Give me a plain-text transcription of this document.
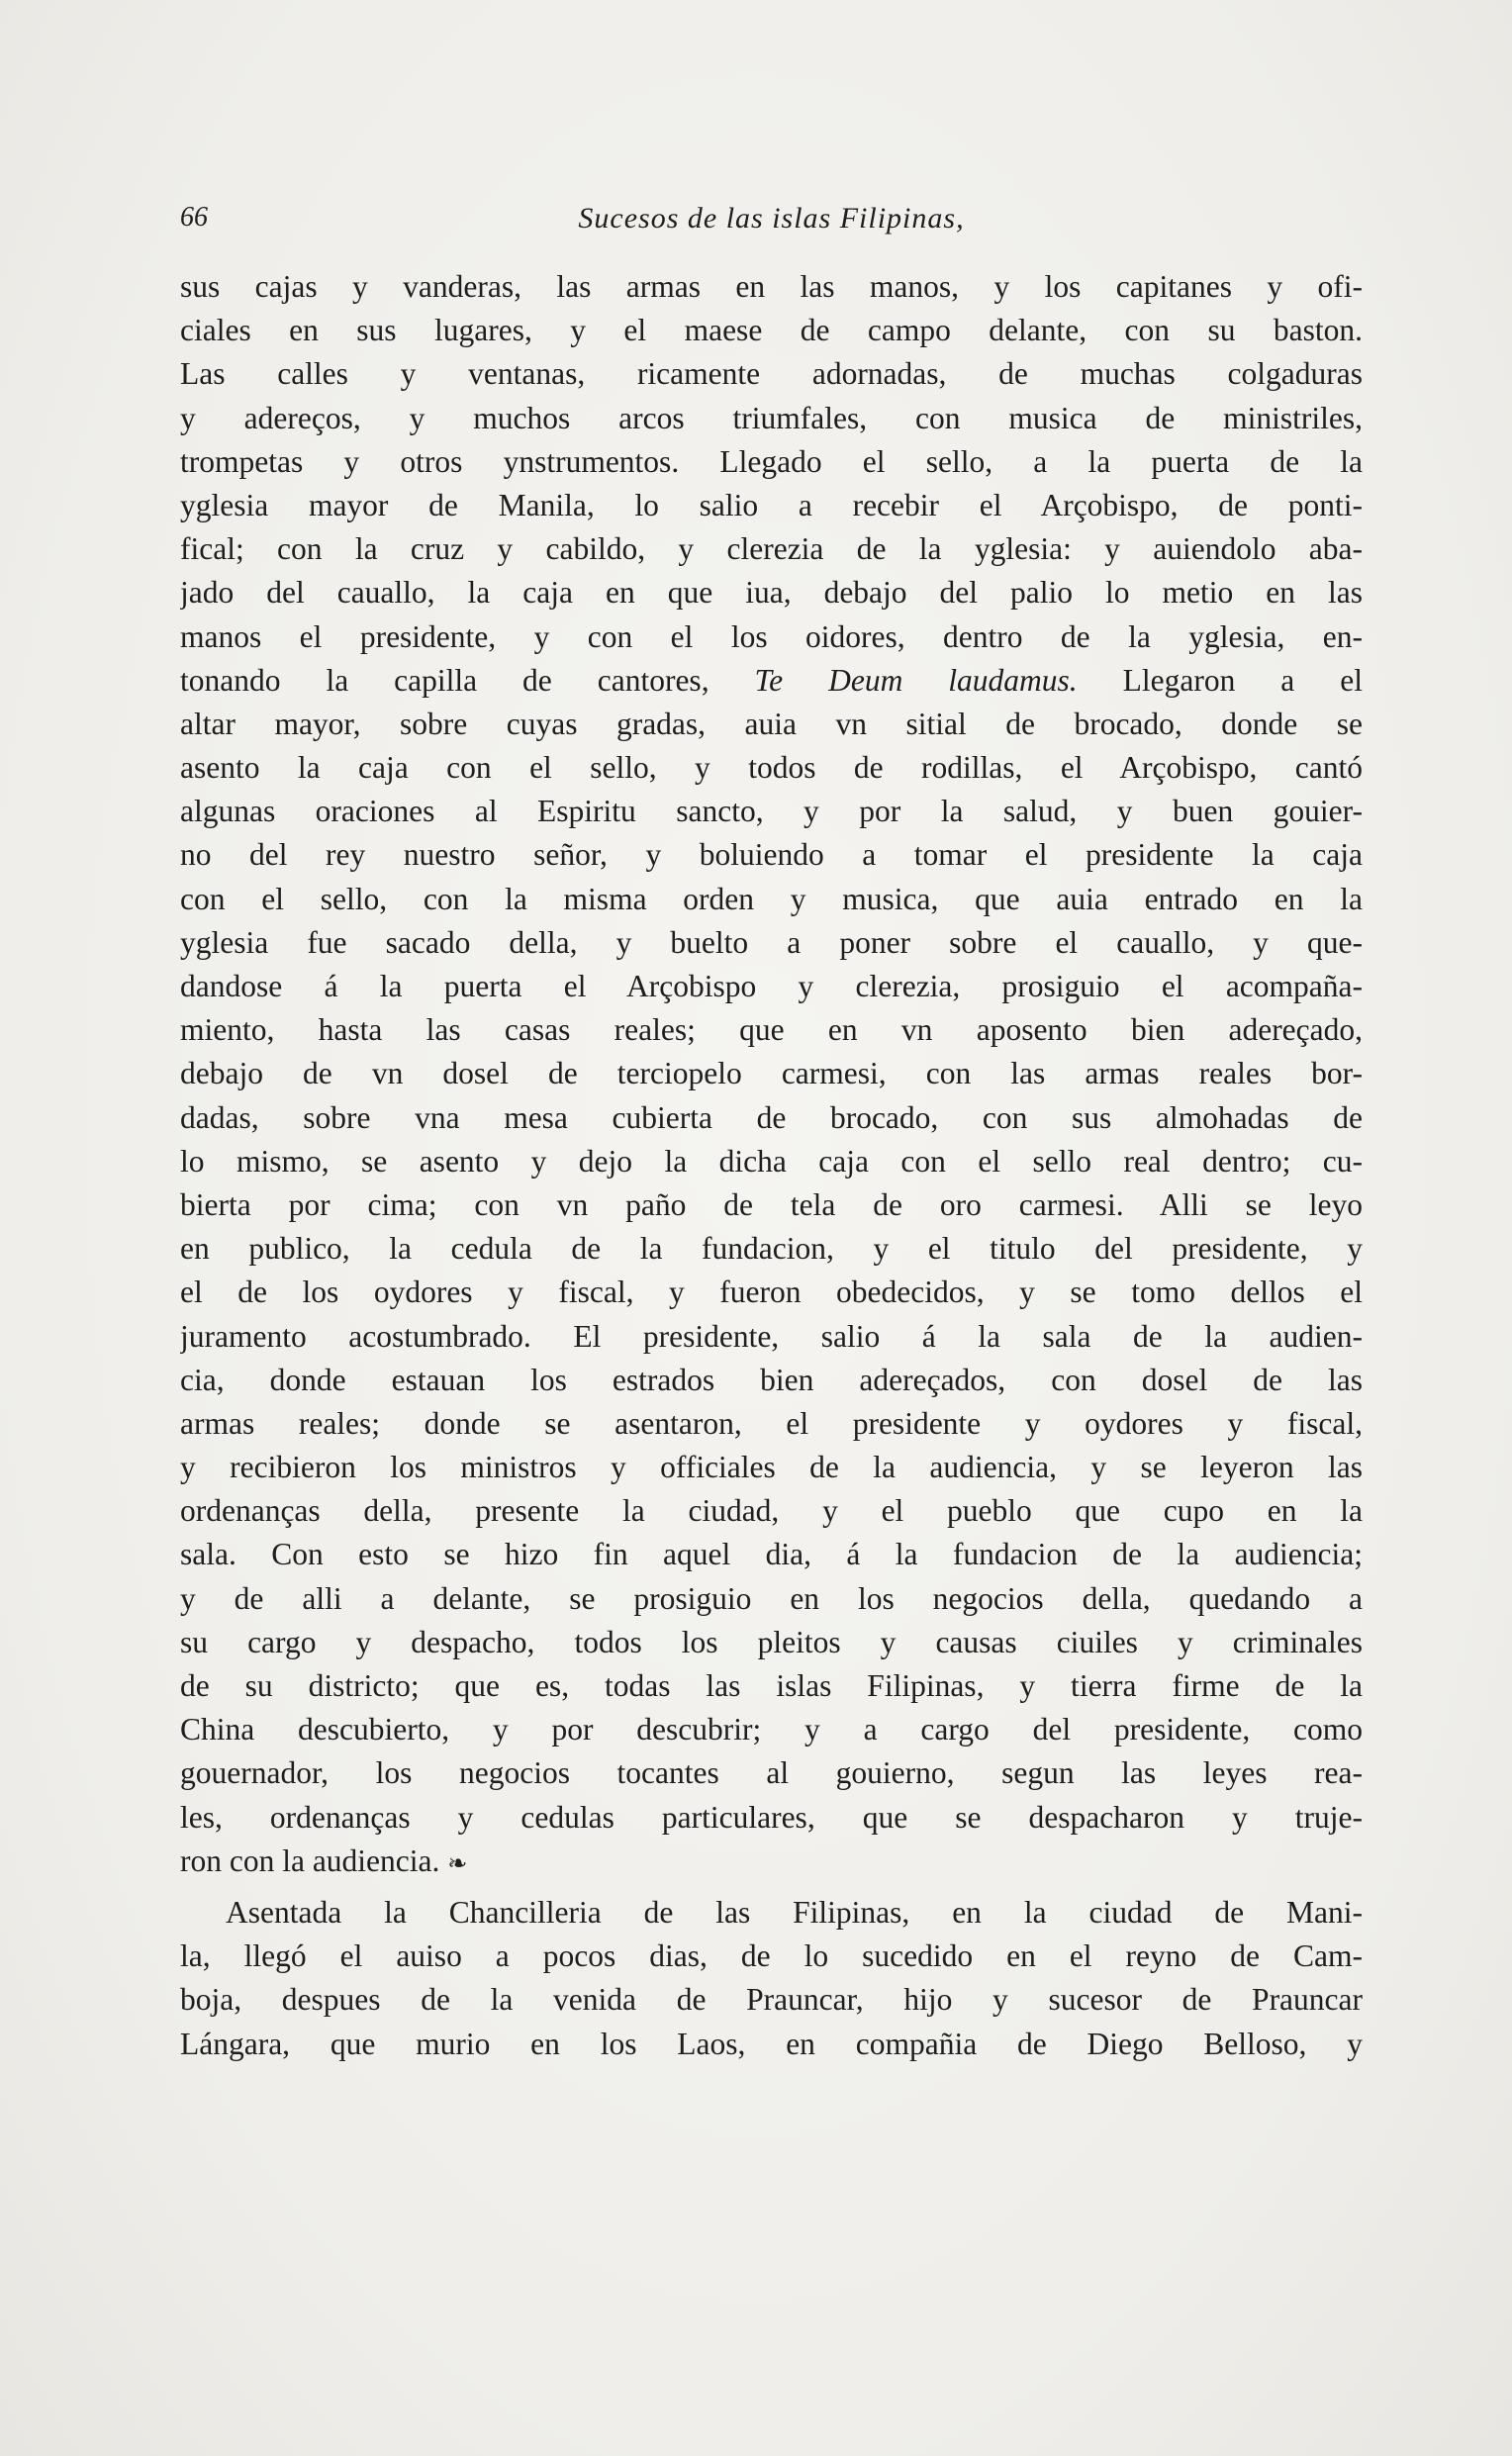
66	Sucesos de las islas Filipinas,
sus cajas y vanderas, las armas en las manos, y los capitanes y ofi-
ciales en sus lugares, y el maese de campo delante, con su baston.
Las calles y ventanas, ricamente adornadas, de muchas colgaduras
y adereços, y muchos arcos triumfales, con musica de ministriles,
trompetas y otros ynstrumentos. Llegado el sello, a la puerta de la
yglesia mayor de Manila, lo salio a recebir el Arçobispo, de ponti-
fical; con la cruz y cabildo, y clerezia de la yglesia: y auiendolo aba-
jado del cauallo, la caja en que iua, debajo del palio lo metio en las
manos el presidente, y con el los oidores, dentro de la yglesia, en-
tonando la capilla de cantores, Te Deum laudamus. Llegaron a el
altar mayor, sobre cuyas gradas, auia vn sitial de brocado, donde se
asento la caja con el sello, y todos de rodillas, el Arçobispo, cantó
algunas oraciones al Espiritu sancto, y por la salud, y buen gouier-
no del rey nuestro señor, y boluiendo a tomar el presidente la caja
con el sello, con la misma orden y musica, que auia entrado en la
yglesia fue sacado della, y buelto a poner sobre el cauallo, y que-
dandose á la puerta el Arçobispo y clerezia, prosiguio el acompaña-
miento, hasta las casas reales; que en vn aposento bien adereçado,
debajo de vn dosel de terciopelo carmesi, con las armas reales bor-
dadas, sobre vna mesa cubierta de brocado, con sus almohadas de
lo mismo, se asento y dejo la dicha caja con el sello real dentro; cu-
bierta por cima; con vn paño de tela de oro carmesi. Alli se leyo
en publico, la cedula de la fundacion, y el titulo del presidente, y
el de los oydores y fiscal, y fueron obedecidos, y se tomo dellos el
juramento acostumbrado. El presidente, salio á la sala de la audien-
cia, donde estauan los estrados bien adereçados, con dosel de las
armas reales; donde se asentaron, el presidente y oydores y fiscal,
y recibieron los ministros y officiales de la audiencia, y se leyeron las
ordenanças della, presente la ciudad, y el pueblo que cupo en la
sala. Con esto se hizo fin aquel dia, á la fundacion de la audiencia;
y de alli a delante, se prosiguio en los negocios della, quedando a
su cargo y despacho, todos los pleitos y causas ciuiles y criminales
de su districto; que es, todas las islas Filipinas, y tierra firme de la
China descubierto, y por descubrir; y a cargo del presidente, como
gouernador, los negocios tocantes al gouierno, segun las leyes rea-
les, ordenanças y cedulas particulares, que se despacharon y truje-
ron con la audiencia. ❧
Asentada la Chancilleria de las Filipinas, en la ciudad de Mani-
la, llegó el auiso a pocos dias, de lo sucedido en el reyno de Cam-
boja, despues de la venida de Prauncar, hijo y sucesor de Prauncar
Lángara, que murio en los Laos, en compañia de Diego Belloso, y
